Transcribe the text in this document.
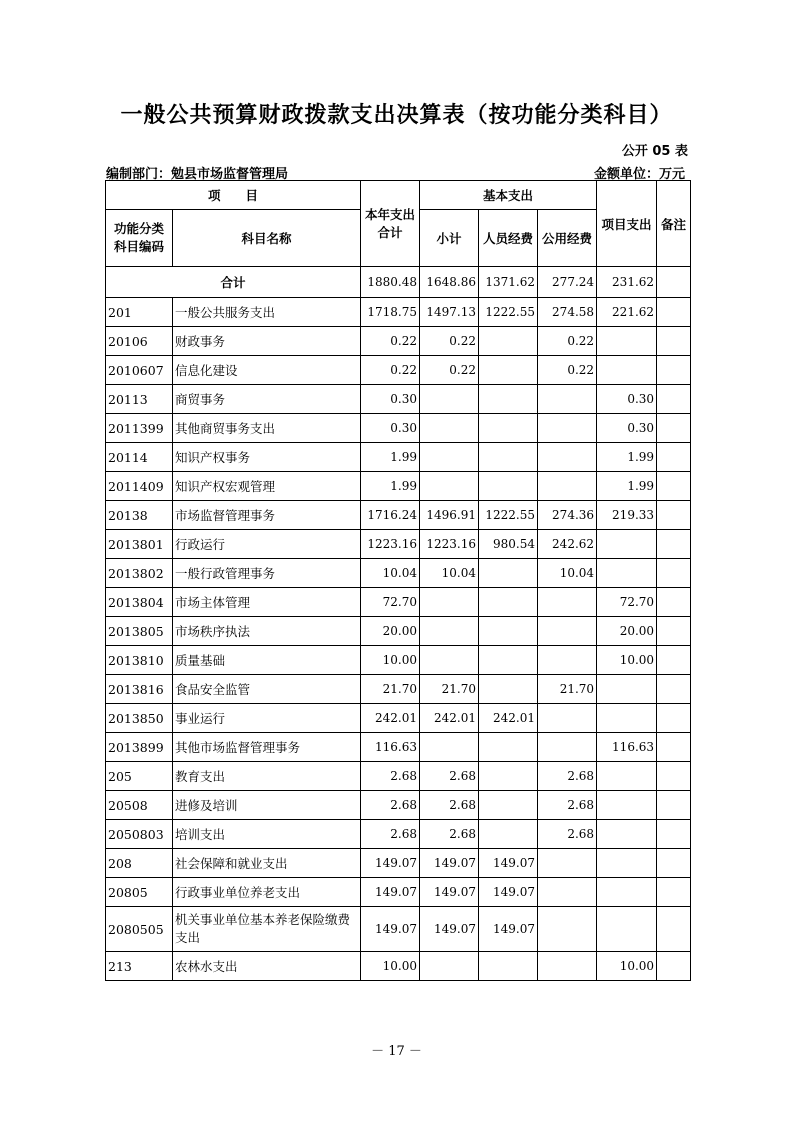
一般公共预算财政拨款支出决算表（按功能分类科目）
公开 05 表
编制部门：勉县市场监督管理局	金额单位：万元
项　　目		本年支出合计	基本支出			项目支出	备注
功能分类科目编码	科目名称		小计	人员经费	公用经费		
合计		1880.48	1648.86	1371.62	277.24	231.62	
201	一般公共服务支出	1718.75	1497.13	1222.55	274.58	221.62	
20106	财政事务	0.22	0.22		0.22		
2010607	信息化建设	0.22	0.22		0.22		
20113	商贸事务	0.30				0.30	
2011399	其他商贸事务支出	0.30				0.30	
20114	知识产权事务	1.99				1.99	
2011409	知识产权宏观管理	1.99				1.99	
20138	市场监督管理事务	1716.24	1496.91	1222.55	274.36	219.33	
2013801	行政运行	1223.16	1223.16	980.54	242.62		
2013802	一般行政管理事务	10.04	10.04		10.04		
2013804	市场主体管理	72.70				72.70	
2013805	市场秩序执法	20.00				20.00	
2013810	质量基础	10.00				10.00	
2013816	食品安全监管	21.70	21.70		21.70		
2013850	事业运行	242.01	242.01	242.01			
2013899	其他市场监督管理事务	116.63				116.63	
205	教育支出	2.68	2.68		2.68		
20508	进修及培训	2.68	2.68		2.68		
2050803	培训支出	2.68	2.68		2.68		
208	社会保障和就业支出	149.07	149.07	149.07			
20805	行政事业单位养老支出	149.07	149.07	149.07			
2080505	机关事业单位基本养老保险缴费支出	149.07	149.07	149.07			
213	农林水支出	10.00				10.00	
－ 17 －
